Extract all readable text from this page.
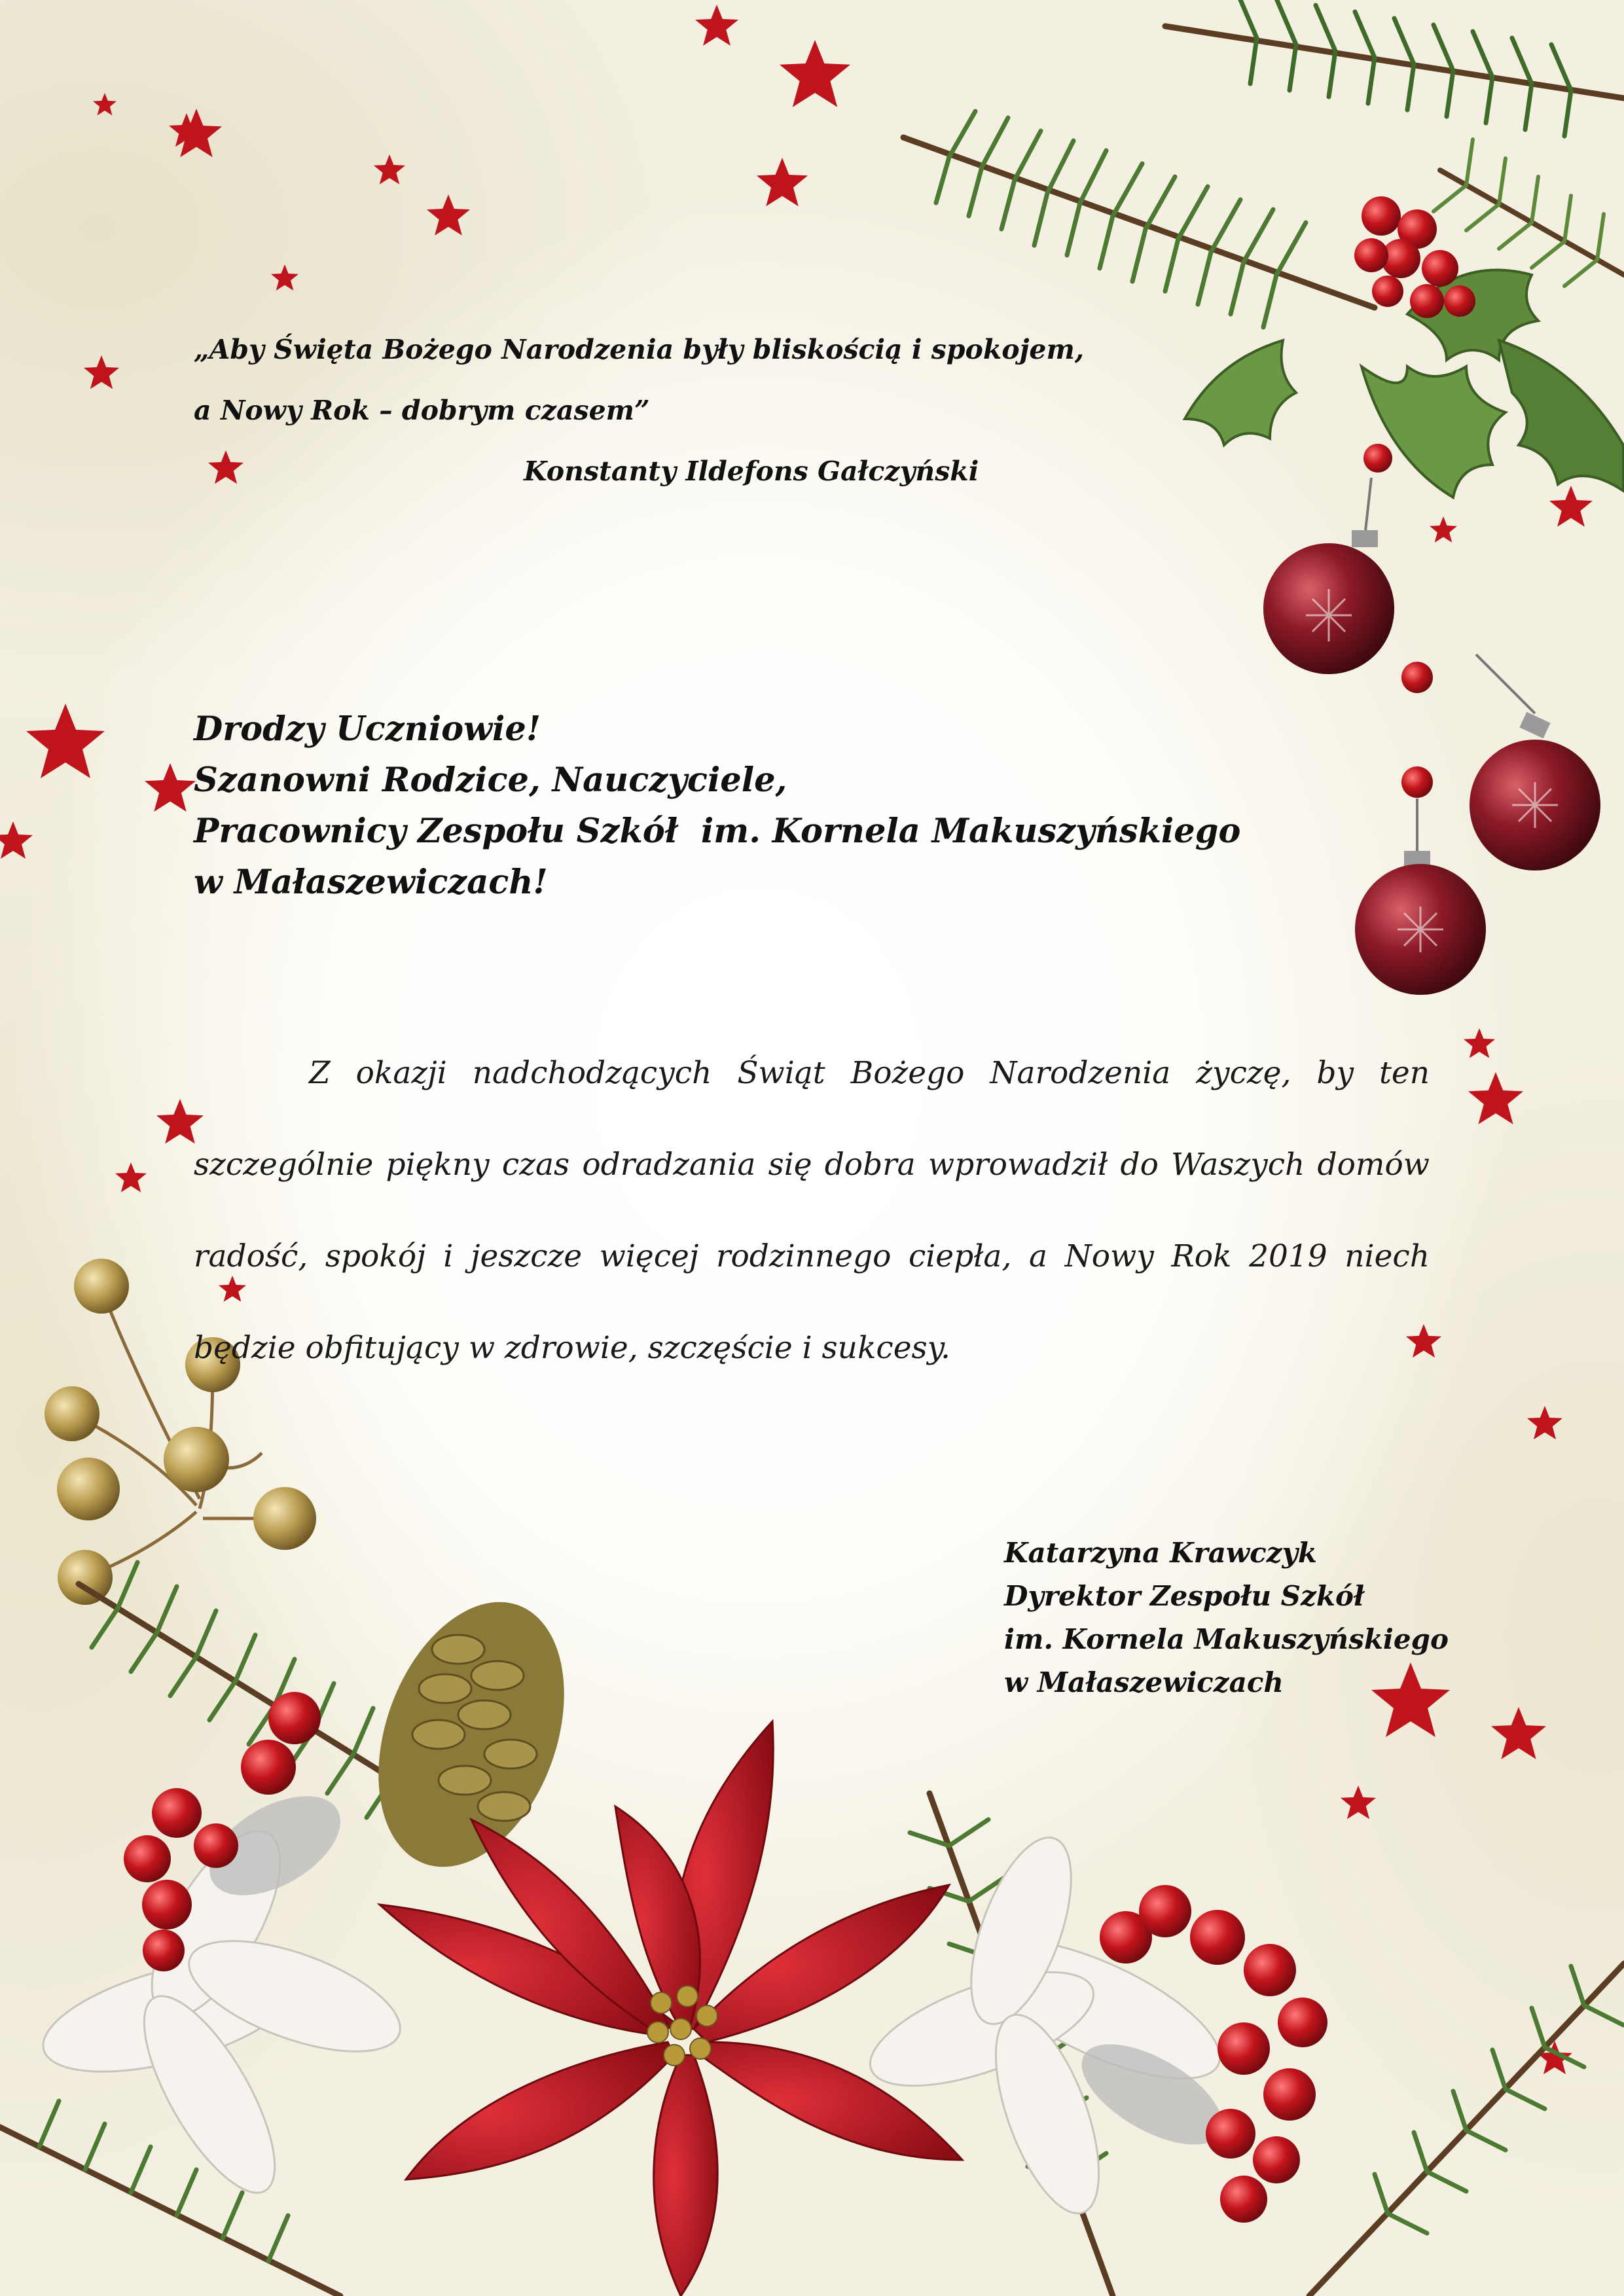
„Aby Święta Bożego Narodzenia były bliskością i spokojem,

a Nowy Rok – dobrym czasem”

Konstanty Ildefons Gałczyński

Drodzy Uczniowie!
Szanowni Rodzice, Nauczyciele,
Pracownicy Zespołu Szkół  im. Kornela Makuszyńskiego
w Małaszewiczach!

Z okazji nadchodzących Świąt Bożego Narodzenia życzę, by ten szczególnie piękny czas odradzania się dobra wprowadził do Waszych domów radość, spokój i jeszcze więcej rodzinnego ciepła, a Nowy Rok 2019 niech będzie obfitujący w zdrowie, szczęście i sukcesy.

Katarzyna Krawczyk
Dyrektor Zespołu Szkół
im. Kornela Makuszyńskiego
w Małaszewiczach
